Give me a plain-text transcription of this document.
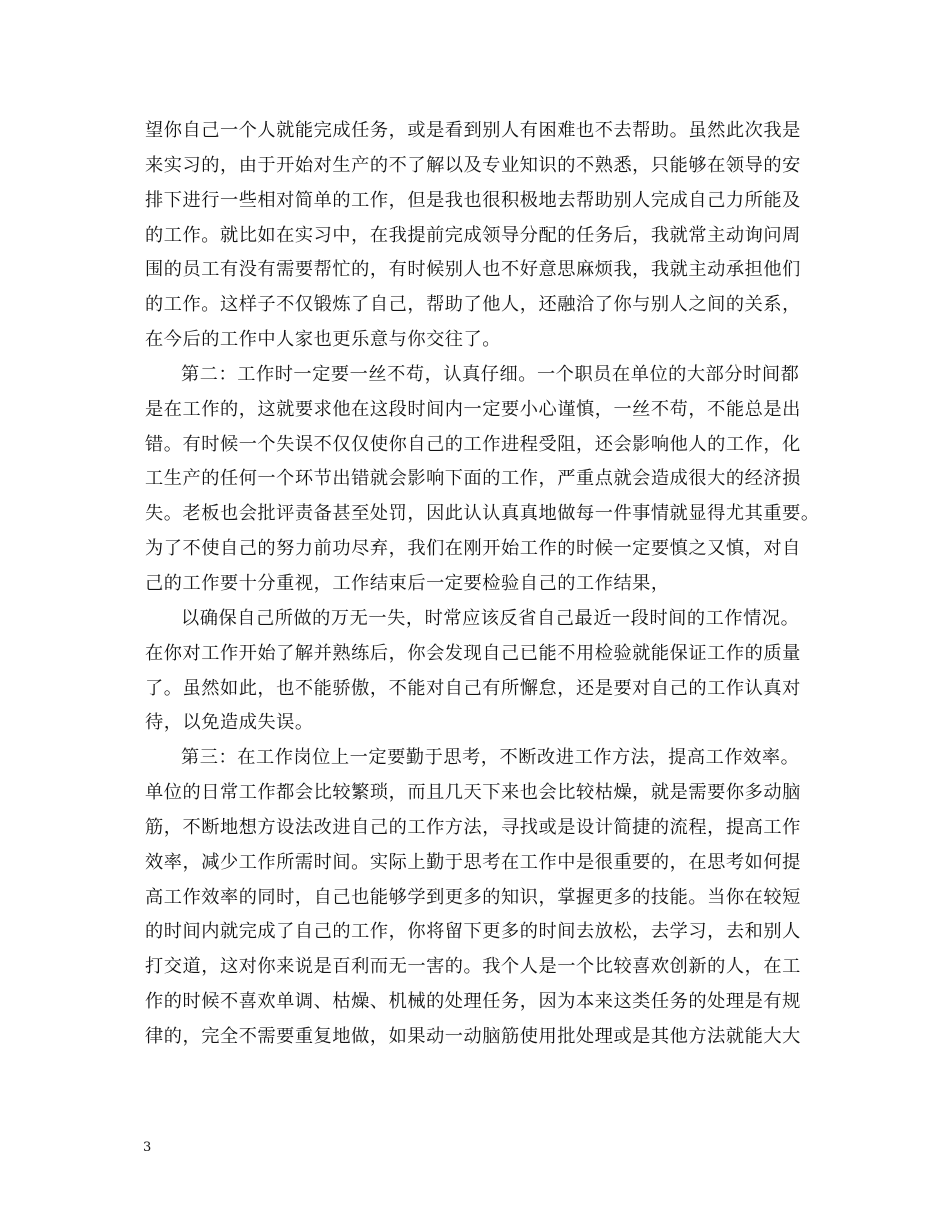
望你自己一个人就能完成任务，或是看到别人有困难也不去帮助。虽然此次我是
来实习的，由于开始对生产的不了解以及专业知识的不熟悉，只能够在领导的安
排下进行一些相对简单的工作，但是我也很积极地去帮助别人完成自己力所能及
的工作。就比如在实习中，在我提前完成领导分配的任务后，我就常主动询问周
围的员工有没有需要帮忙的，有时候别人也不好意思麻烦我，我就主动承担他们
的工作。这样子不仅锻炼了自己，帮助了他人，还融洽了你与别人之间的关系，
在今后的工作中人家也更乐意与你交往了。
第二：工作时一定要一丝不苟，认真仔细。一个职员在单位的大部分时间都
是在工作的，这就要求他在这段时间内一定要小心谨慎，一丝不苟，不能总是出
错。有时候一个失误不仅仅使你自己的工作进程受阻，还会影响他人的工作，化
工生产的任何一个环节出错就会影响下面的工作，严重点就会造成很大的经济损
失。老板也会批评责备甚至处罚，因此认认真真地做每一件事情就显得尤其重要。
为了不使自己的努力前功尽弃，我们在刚开始工作的时候一定要慎之又慎，对自
己的工作要十分重视，工作结束后一定要检验自己的工作结果，
以确保自己所做的万无一失，时常应该反省自己最近一段时间的工作情况。
在你对工作开始了解并熟练后，你会发现自己已能不用检验就能保证工作的质量
了。虽然如此，也不能骄傲，不能对自己有所懈怠，还是要对自己的工作认真对
待，以免造成失误。
第三：在工作岗位上一定要勤于思考，不断改进工作方法，提高工作效率。
单位的日常工作都会比较繁琐，而且几天下来也会比较枯燥，就是需要你多动脑
筋，不断地想方设法改进自己的工作方法，寻找或是设计简捷的流程，提高工作
效率，减少工作所需时间。实际上勤于思考在工作中是很重要的，在思考如何提
高工作效率的同时，自己也能够学到更多的知识，掌握更多的技能。当你在较短
的时间内就完成了自己的工作，你将留下更多的时间去放松，去学习，去和别人
打交道，这对你来说是百利而无一害的。我个人是一个比较喜欢创新的人，在工
作的时候不喜欢单调、枯燥、机械的处理任务，因为本来这类任务的处理是有规
律的，完全不需要重复地做，如果动一动脑筋使用批处理或是其他方法就能大大
3
